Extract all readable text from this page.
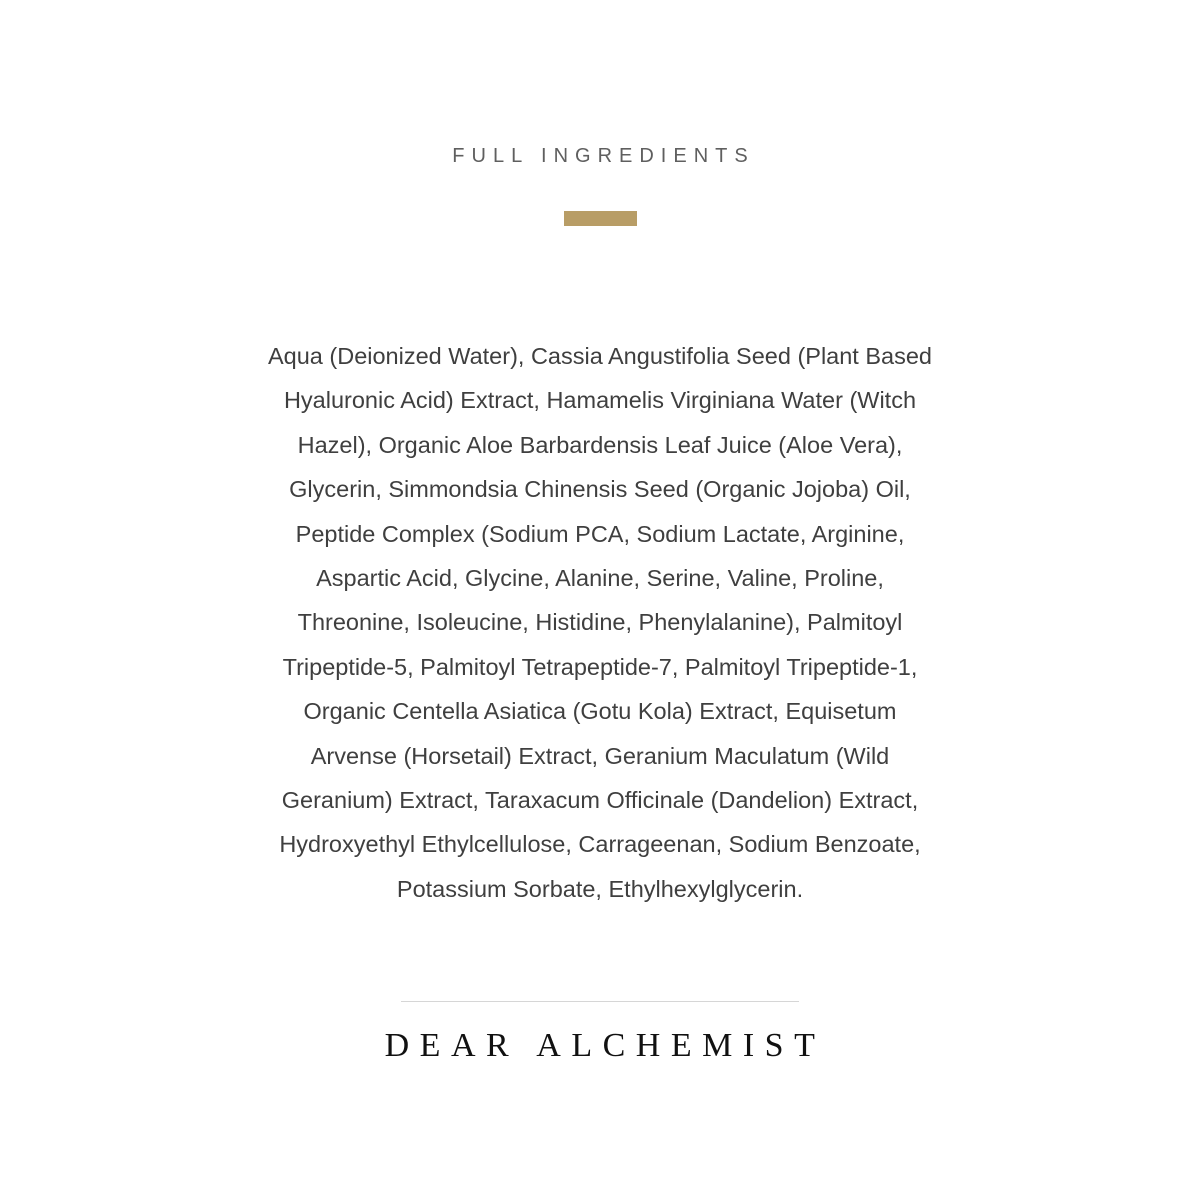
FULL INGREDIENTS
Aqua (Deionized Water), Cassia Angustifolia Seed (Plant Based
Hyaluronic Acid) Extract, Hamamelis Virginiana Water (Witch
Hazel), Organic Aloe Barbardensis Leaf Juice (Aloe Vera),
Glycerin, Simmondsia Chinensis Seed (Organic Jojoba) Oil,
Peptide Complex (Sodium PCA, Sodium Lactate, Arginine,
Aspartic Acid, Glycine, Alanine, Serine, Valine, Proline,
Threonine, Isoleucine, Histidine, Phenylalanine), Palmitoyl
Tripeptide-5, Palmitoyl Tetrapeptide-7, Palmitoyl Tripeptide-1,
Organic Centella Asiatica (Gotu Kola) Extract, Equisetum
Arvense (Horsetail) Extract, Geranium Maculatum (Wild
Geranium) Extract, Taraxacum Officinale (Dandelion) Extract,
Hydroxyethyl Ethylcellulose, Carrageenan, Sodium Benzoate,
Potassium Sorbate, Ethylhexylglycerin.
DEAR ALCHEMIST
